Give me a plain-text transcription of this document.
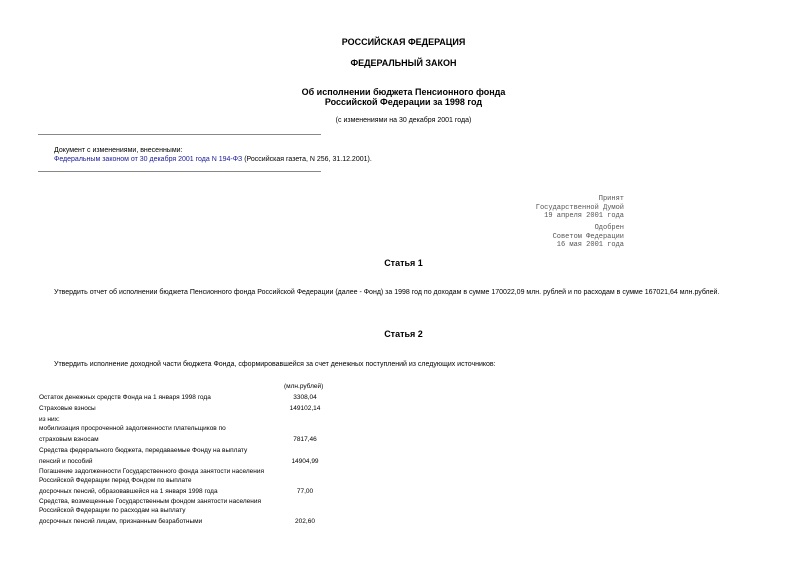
РОССИЙСКАЯ ФЕДЕРАЦИЯ
ФЕДЕРАЛЬНЫЙ ЗАКОН
Об исполнении бюджета Пенсионного фонда
Российской Федерации за 1998 год
(с изменениями на 30 декабря 2001 года)
Документ с изменениями, внесенными:
Федеральным законом от 30 декабря 2001 года N 194-ФЗ (Российская газета, N 256, 31.12.2001).
Принят
Государственной Думой
19 апреля 2001 года
Одобрен
Советом Федерации
16 мая 2001 года
Статья 1
Утвердить отчет об исполнении бюджета Пенсионного фонда Российской Федерации (далее - Фонд) за 1998 год по доходам в сумме 170022,09 млн. рублей и по расходам в сумме 167021,64 млн.рублей.
Статья 2
Утвердить исполнение доходной части бюджета Фонда, сформировавшейся за счет денежных поступлений из следующих источников:
(млн.рублей)
Остаток денежных средств Фонда на 1 января 1998 года	3308,04
Страховые взносы	149102,14
из них:
мобилизация просроченной задолженности плательщиков по
страховым взносам	7817,46
Средства федерального бюджета, передаваемые Фонду на выплату
пенсий и пособий	14904,99
Погашение задолженности Государственного фонда занятости населения
Российской Федерации перед Фондом по выплате
досрочных пенсий, образовавшейся на 1 января 1998 года	77,00
Средства, возмещенные Государственным фондом занятости населения
Российской Федерации по расходам на выплату
досрочных пенсий лицам, признанным безработными	202,60
